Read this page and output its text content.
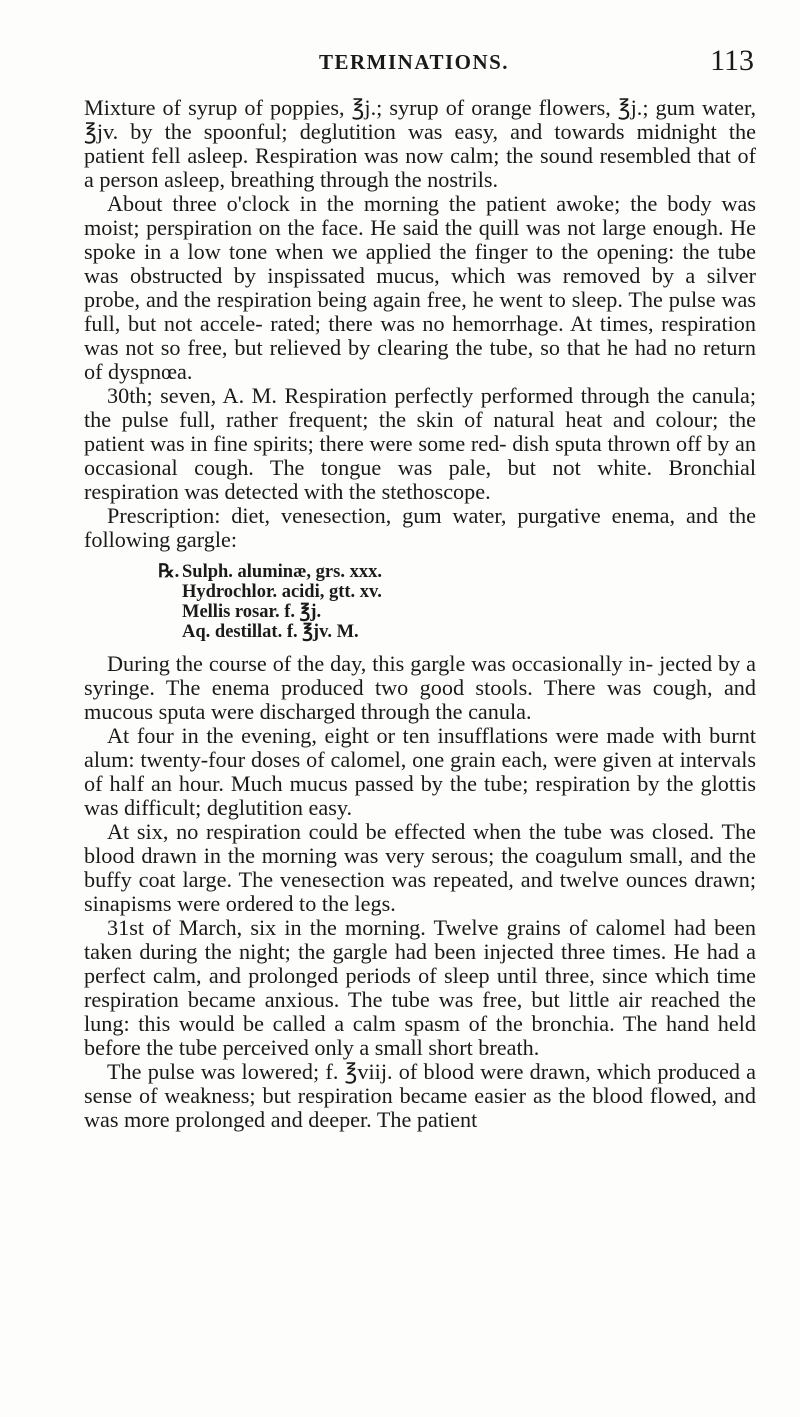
TERMINATIONS.	113

Mixture of syrup of poppies, ℥j.; syrup of orange flowers, ℥j.; gum water, ℥jv. by the spoonful; deglutition was easy, and towards midnight the patient fell asleep. Respiration was now calm; the sound resembled that of a person asleep, breathing through the nostrils.

About three o'clock in the morning the patient awoke; the body was moist; perspiration on the face. He said the quill was not large enough. He spoke in a low tone when we applied the finger to the opening: the tube was obstructed by inspissated mucus, which was removed by a silver probe, and the respiration being again free, he went to sleep. The pulse was full, but not accele- rated; there was no hemorrhage. At times, respiration was not so free, but relieved by clearing the tube, so that he had no return of dyspnœa.

30th; seven, A. M. Respiration perfectly performed through the canula; the pulse full, rather frequent; the skin of natural heat and colour; the patient was in fine spirits; there were some red- dish sputa thrown off by an occasional cough. The tongue was pale, but not white. Bronchial respiration was detected with the stethoscope.

Prescription: diet, venesection, gum water, purgative enema, and the following gargle:

℞. Sulph. aluminæ, grs. xxx.
Hydrochlor. acidi, gtt. xv.
Mellis rosar. f. ℥j.
Aq. destillat. f. ℥jv. M.

During the course of the day, this gargle was occasionally in- jected by a syringe. The enema produced two good stools. There was cough, and mucous sputa were discharged through the canula.

At four in the evening, eight or ten insufflations were made with burnt alum: twenty-four doses of calomel, one grain each, were given at intervals of half an hour. Much mucus passed by the tube; respiration by the glottis was difficult; deglutition easy.

At six, no respiration could be effected when the tube was closed. The blood drawn in the morning was very serous; the coagulum small, and the buffy coat large. The venesection was repeated, and twelve ounces drawn; sinapisms were ordered to the legs.

31st of March, six in the morning. Twelve grains of calomel had been taken during the night; the gargle had been injected three times. He had a perfect calm, and prolonged periods of sleep until three, since which time respiration became anxious. The tube was free, but little air reached the lung: this would be called a calm spasm of the bronchia. The hand held before the tube perceived only a small short breath.

The pulse was lowered; f. ℥viij. of blood were drawn, which produced a sense of weakness; but respiration became easier as the blood flowed, and was more prolonged and deeper. The patient
